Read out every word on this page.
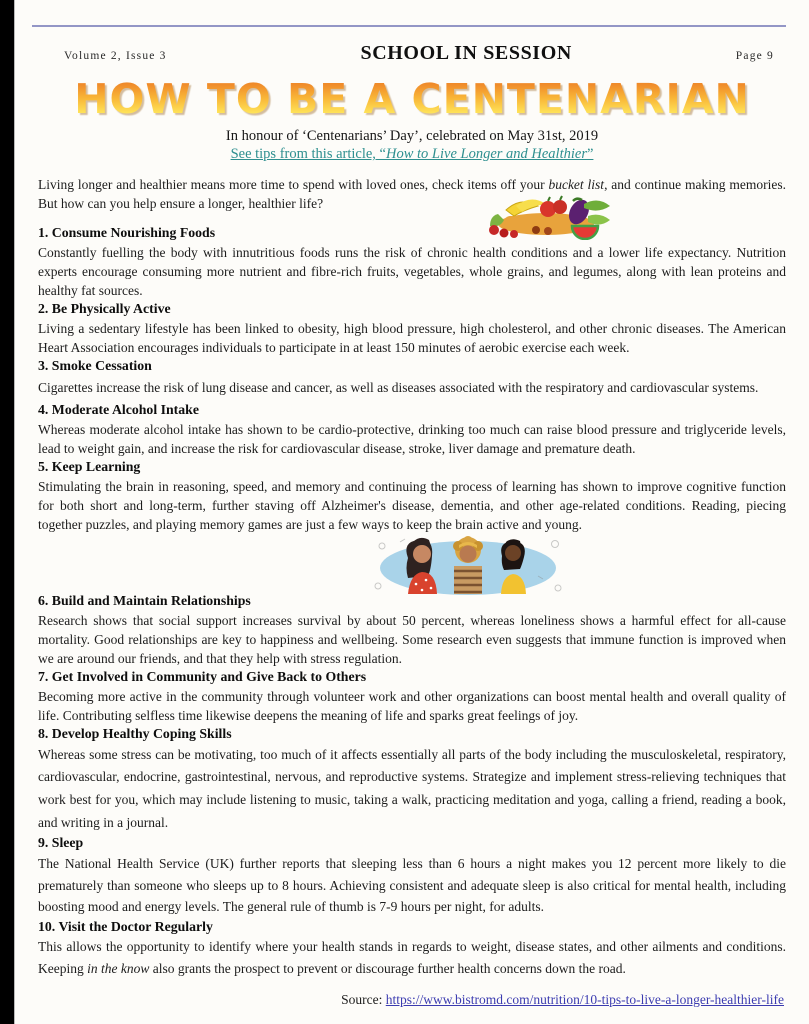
Volume 2, Issue 3	SCHOOL IN SESSION	Page 9
HOW TO BE A CENTENARIAN
In honour of ‘Centenarians’ Day’, celebrated on May 31st, 2019
See tips from this article, “How to Live Longer and Healthier”

Living longer and healthier means more time to spend with loved ones, check items off your bucket list, and continue making memories. But how can you help ensure a longer, healthier life?

1. Consume Nourishing Foods

Constantly fuelling the body with innutritious foods runs the risk of chronic health conditions and a lower life expectancy. Nutrition experts encourage consuming more nutrient and fibre-rich fruits, vegetables, whole grains, and legumes, along with lean proteins and healthy fat sources.

2. Be Physically Active

Living a sedentary lifestyle has been linked to obesity, high blood pressure, high cholesterol, and other chronic diseases. The American Heart Association encourages individuals to participate in at least 150 minutes of aerobic exercise each week.

3. Smoke Cessation

Cigarettes increase the risk of lung disease and cancer, as well as diseases associated with the respiratory and cardiovascular systems.

4. Moderate Alcohol Intake

Whereas moderate alcohol intake has shown to be cardio-protective, drinking too much can raise blood pressure and triglyceride levels, lead to weight gain, and increase the risk for cardiovascular disease, stroke, liver damage and premature death.

5. Keep Learning

Stimulating the brain in reasoning, speed, and memory and continuing the process of learning has shown to improve cognitive function for both short and long-term, further staving off Alzheimer's disease, dementia, and other age-related conditions. Reading, piecing together puzzles, and playing memory games are just a few ways to keep the brain active and young.

6. Build and Maintain Relationships

Research shows that social support increases survival by about 50 percent, whereas loneliness shows a harmful effect for all-cause mortality. Good relationships are key to happiness and wellbeing. Some research even suggests that immune function is improved when we are around our friends, and that they help with stress regulation.

7. Get Involved in Community and Give Back to Others

Becoming more active in the community through volunteer work and other organizations can boost mental health and overall quality of life. Contributing selfless time likewise deepens the meaning of life and sparks great feelings of joy.

8. Develop Healthy Coping Skills

Whereas some stress can be motivating, too much of it affects essentially all parts of the body including the musculoskeletal, respiratory, cardiovascular, endocrine, gastrointestinal, nervous, and reproductive systems. Strategize and implement stress-relieving techniques that work best for you, which may include listening to music, taking a walk, practicing meditation and yoga, calling a friend, reading a book, and writing in a journal.

9. Sleep

The National Health Service (UK) further reports that sleeping less than 6 hours a night makes you 12 percent more likely to die prematurely than someone who sleeps up to 8 hours. Achieving consistent and adequate sleep is also critical for mental health, including boosting mood and energy levels. The general rule of thumb is 7-9 hours per night, for adults.

10. Visit the Doctor Regularly

This allows the opportunity to identify where your health stands in regards to weight, disease states, and other ailments and conditions. Keeping in the know also grants the prospect to prevent or discourage further health concerns down the road.

Source: https://www.bistromd.com/nutrition/10-tips-to-live-a-longer-healthier-life
